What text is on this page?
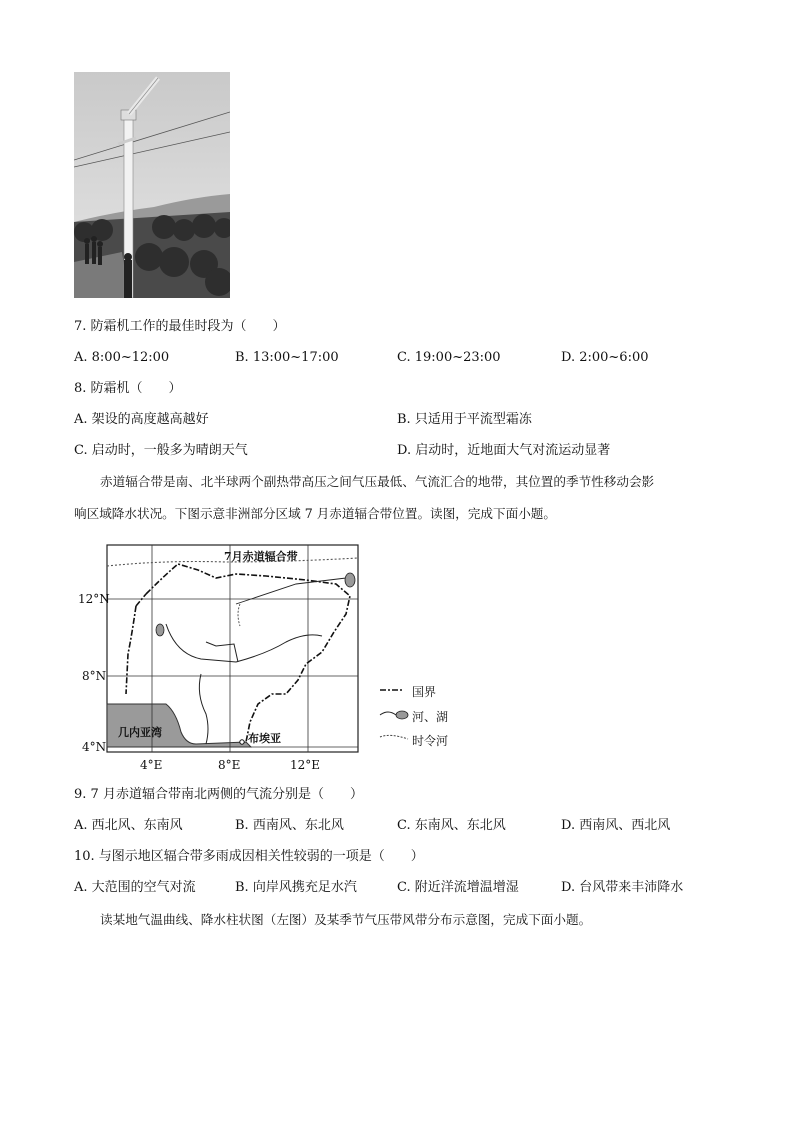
7. 防霜机工作的最佳时段为（　　）
A. 8:00~12:00	B. 13:00~17:00	C. 19:00~23:00	D. 2:00~6:00
8. 防霜机（　　）
A. 架设的高度越高越好	B. 只适用于平流型霜冻
C. 启动时，一般多为晴朗天气	D. 启动时，近地面大气对流运动显著
赤道辐合带是南、北半球两个副热带高压之间气压最低、气流汇合的地带，其位置的季节性移动会影
响区域降水状况。下图示意非洲部分区域 7 月赤道辐合带位置。读图，完成下面小题。
7月赤道辐合带
几内亚湾	布埃亚
12°N
8°N
4°N
4°E	8°E	12°E
国界
河、湖
时令河
9. 7 月赤道辐合带南北两侧的气流分别是（　　）
A. 西北风、东南风	B. 西南风、东北风	C. 东南风、东北风	D. 西南风、西北风
10. 与图示地区辐合带多雨成因相关性较弱的一项是（　　）
A. 大范围的空气对流	B. 向岸风携充足水汽	C. 附近洋流增温增湿	D. 台风带来丰沛降水
读某地气温曲线、降水柱状图（左图）及某季节气压带风带分布示意图，完成下面小题。
